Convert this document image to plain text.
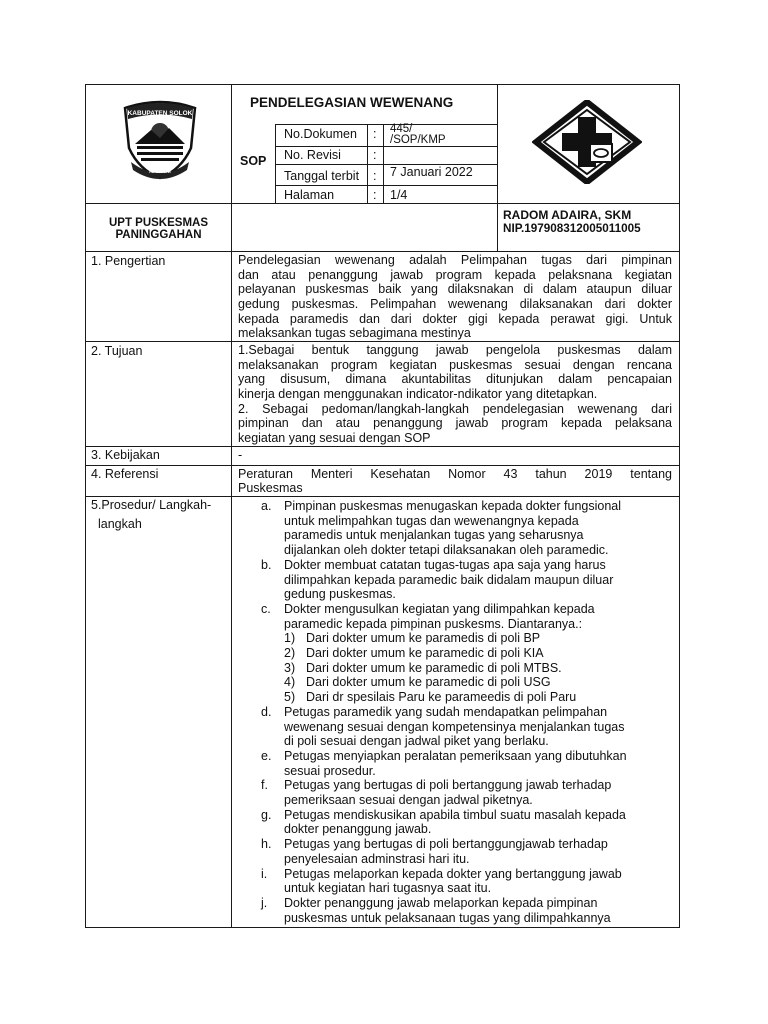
PENDELEGASIAN WEWENANG
SOP
No.Dokumen : 445/
/SOP/KMP
No. Revisi	:
Tanggal terbit : 7 Januari 2022
Halaman	: 1/4
KABUPATEN SOLOK
NAGARI
UPT PUSKESMAS
PANINGGAHAN
RADOM ADAIRA, SKM
NIP.197908312005011005
1. Pengertian	Pendelegasian wewenang adalah Pelimpahan tugas dari pimpinan
dan atau penanggung jawab program kepada pelaksnana kegiatan
pelayanan puskesmas baik yang dilaksnakan di dalam ataupun diluar
gedung puskesmas. Pelimpahan wewenang dilaksanakan dari dokter
kepada paramedis dan dari dokter gigi kepada perawat gigi. Untuk
melaksankan tugas sebagimana mestinya
2. Tujuan	1.Sebagai bentuk tanggung jawab pengelola puskesmas dalam
melaksanakan program kegiatan puskesmas sesuai dengan rencana
yang disusum, dimana akuntabilitas ditunjukan dalam pencapaian
kinerja dengan menggunakan indicator-ndikator yang ditetapkan.
2. Sebagai pedoman/langkah-langkah pendelegasian wewenang dari
pimpinan dan atau penanggung jawab program kepada pelaksana
kegiatan yang sesuai dengan SOP
3. Kebijakan	-
4. Referensi	Peraturan Menteri Kesehatan Nomor 43 tahun 2019 tentang
Puskesmas
5.Prosedur/ Langkah-
langkah
a. Pimpinan puskesmas menugaskan kepada dokter fungsional
untuk melimpahkan tugas dan wewenangnya kepada
paramedis untuk menjalankan tugas yang seharusnya
dijalankan oleh dokter tetapi dilaksanakan oleh paramedic.
b. Dokter membuat catatan tugas-tugas apa saja yang harus
dilimpahkan kepada paramedic baik didalam maupun diluar
gedung puskesmas.
c. Dokter mengusulkan kegiatan yang dilimpahkan kepada
paramedic kepada pimpinan puskesms. Diantaranya.:
1) Dari dokter umum ke paramedis di poli BP
2) Dari dokter umum ke paramedic di poli KIA
3) Dari dokter umum ke paramedic di poli MTBS.
4) Dari dokter umum ke paramedic di poli USG
5) Dari dr spesilais Paru ke parameedis di poli Paru
d. Petugas paramedik yang sudah mendapatkan pelimpahan
wewenang sesuai dengan kompetensinya menjalankan tugas
di poli sesuai dengan jadwal piket yang berlaku.
e. Petugas menyiapkan peralatan pemeriksaan yang dibutuhkan
sesuai prosedur.
f. Petugas yang bertugas di poli bertanggung jawab terhadap
pemeriksaan sesuai dengan jadwal piketnya.
g. Petugas mendiskusikan apabila timbul suatu masalah kepada
dokter penanggung jawab.
h. Petugas yang bertugas di poli bertanggungjawab terhadap
penyelesaian adminstrasi hari itu.
i. Petugas melaporkan kepada dokter yang bertanggung jawab
untuk kegiatan hari tugasnya saat itu.
j. Dokter penanggung jawab melaporkan kepada pimpinan
puskesmas untuk pelaksanaan tugas yang dilimpahkannya
